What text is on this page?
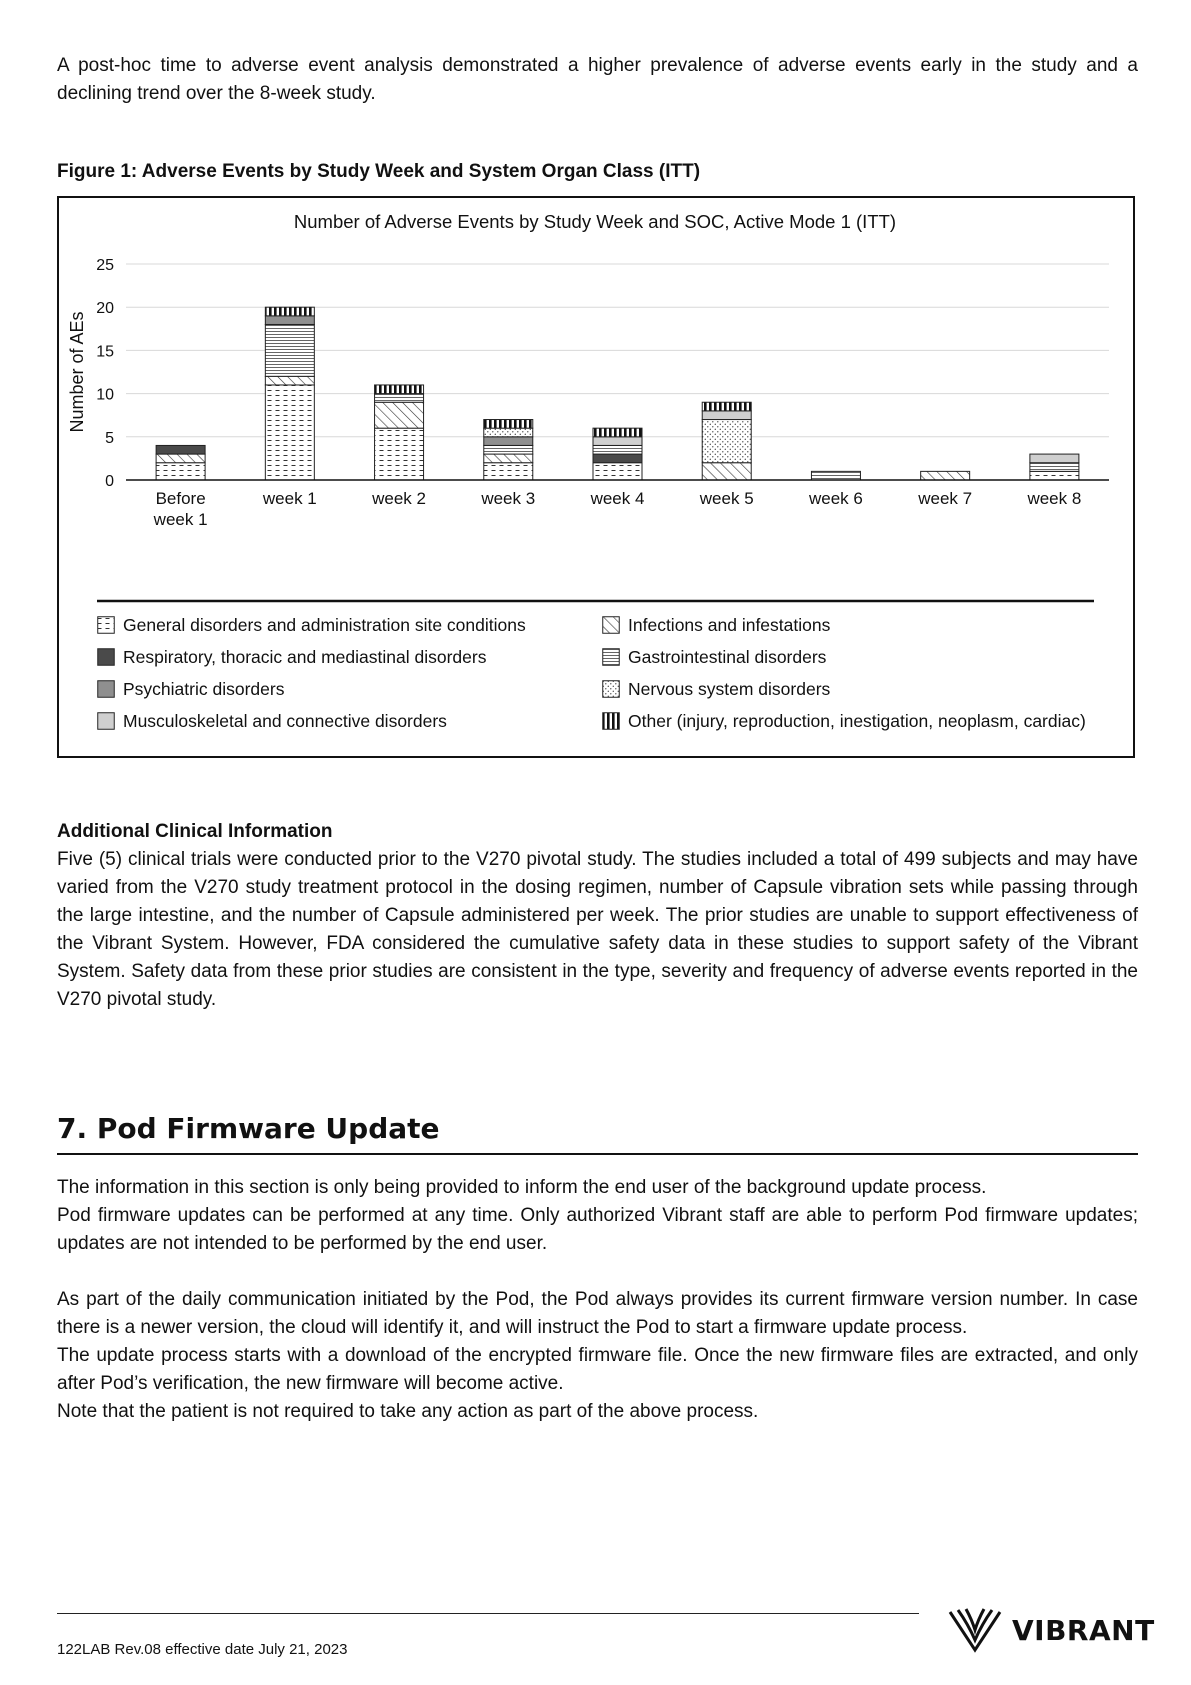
A post-hoc time to adverse event analysis demonstrated a higher prevalence of adverse events early in the study and a declining trend over the 8-week study.

Figure 1: Adverse Events by Study Week and System Organ Class (ITT)

Number of Adverse Events by Study Week and SOC, Active Mode 1 (ITT)
Number of AEs
0
5
10
15
20
25
Before
week 1
week 1	week 2	week 3	week 4	week 5	week 6	week 7	week 8
General disorders and administration site conditions	Infections and infestations
Respiratory, thoracic and mediastinal disorders	Gastrointestinal disorders
Psychiatric disorders	Nervous system disorders
Musculoskeletal and connective disorders	Other (injury, reproduction, inestigation, neoplasm, cardiac)

Additional Clinical Information

Five (5) clinical trials were conducted prior to the V270 pivotal study. The studies included a total of 499 subjects and may have varied from the V270 study treatment protocol in the dosing regimen, number of Capsule vibration sets while passing through the large intestine, and the number of Capsule administered per week. The prior studies are unable to support effectiveness of the Vibrant System. However, FDA considered the cumulative safety data in these studies to support safety of the Vibrant System. Safety data from these prior studies are consistent in the type, severity and frequency of adverse events reported in the V270 pivotal study.

7. Pod Firmware Update

The information in this section is only being provided to inform the end user of the background update process.

Pod firmware updates can be performed at any time. Only authorized Vibrant staff are able to perform Pod firmware updates; updates are not intended to be performed by the end user.

As part of the daily communication initiated by the Pod, the Pod always provides its current firmware version number. In case there is a newer version, the cloud will identify it, and will instruct the Pod to start a firmware update process.

The update process starts with a download of the encrypted firmware file. Once the new firmware files are extracted, and only after Pod’s verification, the new firmware will become active.

Note that the patient is not required to take any action as part of the above process.

122LAB Rev.08 effective date July 21, 2023
VIBRANT
